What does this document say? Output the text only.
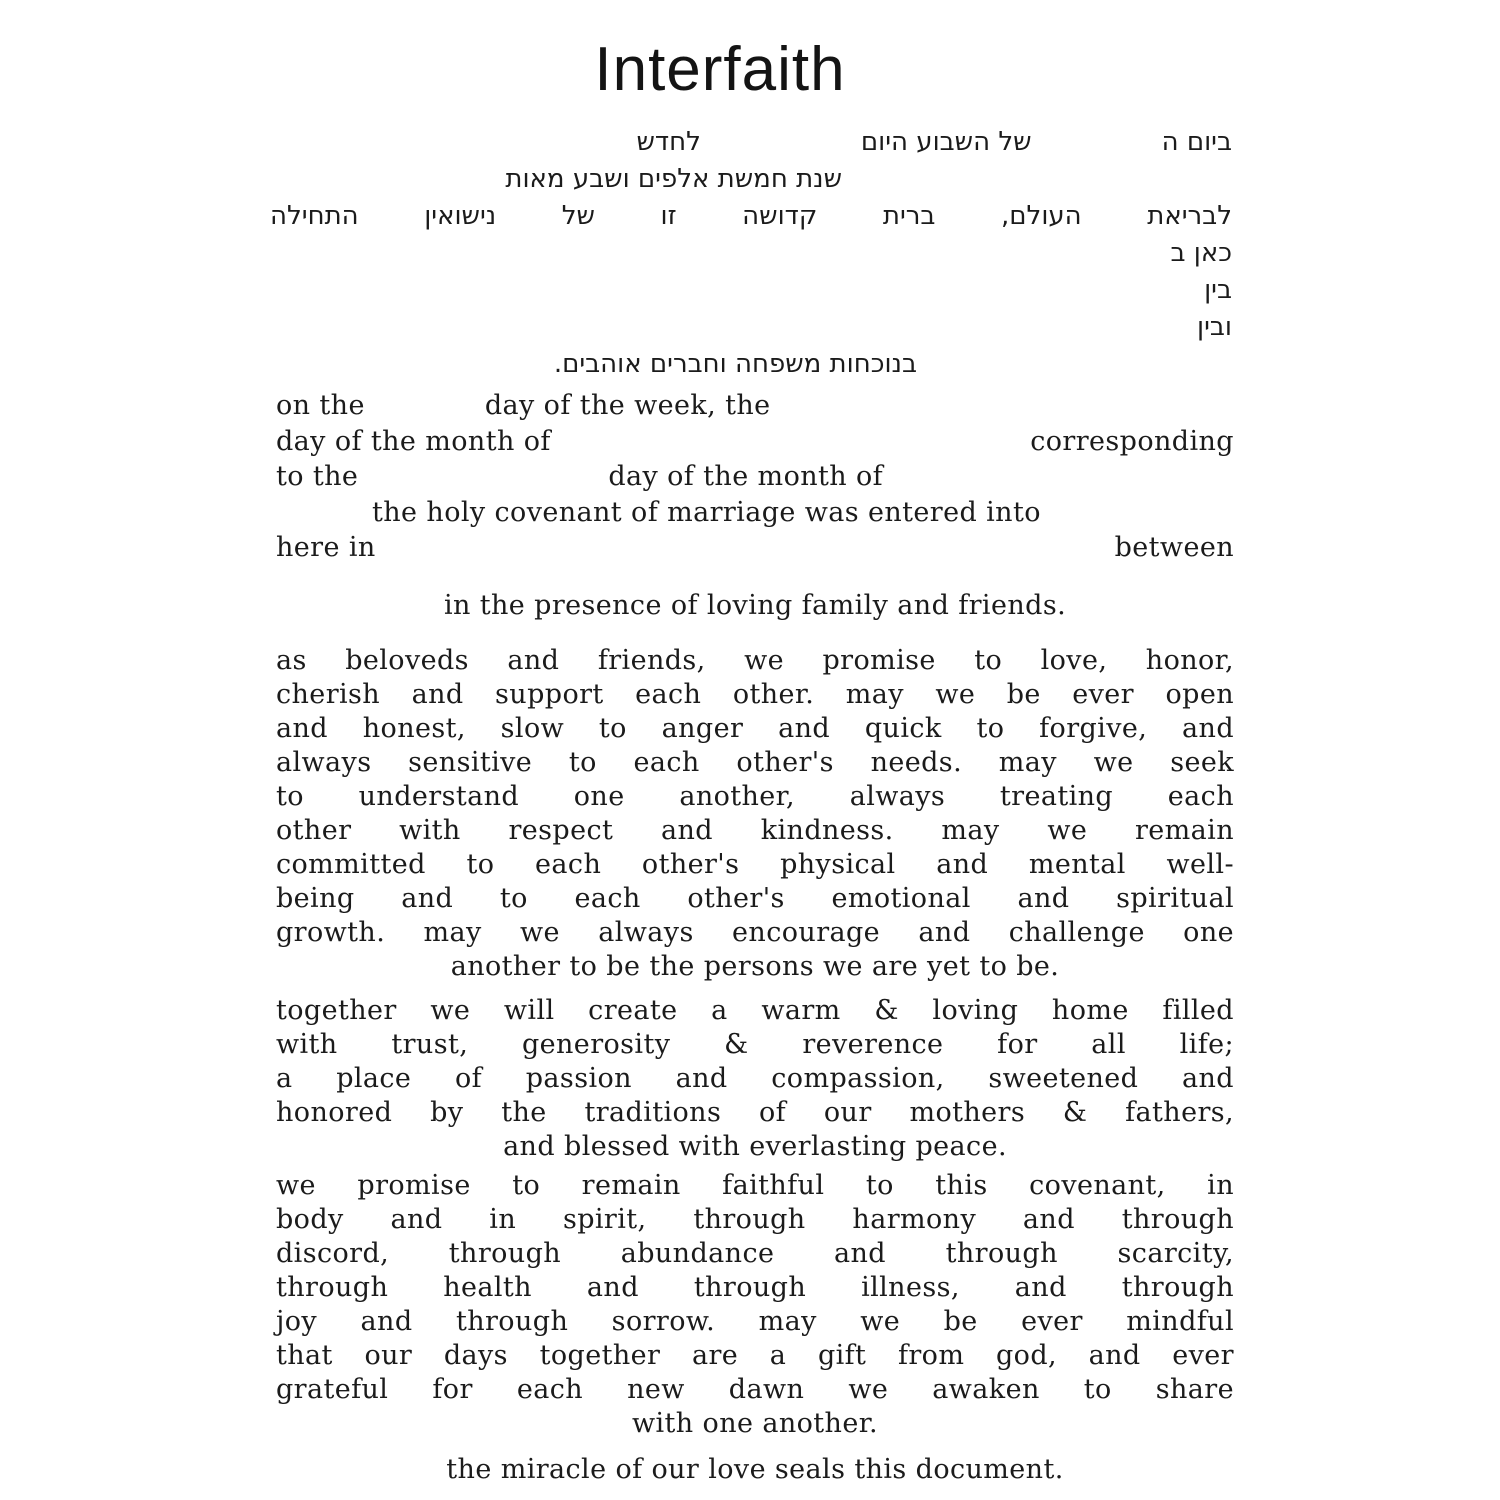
Interfaith
ביום השל השבוע היוםלחדש
שנת חמשת אלפים ושבע מאות
לבריאת העולם, ברית קדושה זו של נישואין התחילה
כאן ב
בין
ובין
בנוכחות משפחה וחברים אוהבים.
on the	day of the week, the
day of the month of	corresponding
to the	day of the month of
the holy covenant of marriage was entered into
here in	between
in the presence of loving family and friends.
as beloveds and friends, we promise to love, honor,
cherish and support each other. may we be ever open
and honest, slow to anger and quick to forgive, and
always sensitive to each other's needs. may we seek
to understand one another, always treating each
other with respect and kindness. may we remain
committed to each other's physical and mental well-
being and to each other's emotional and spiritual
growth. may we always encourage and challenge one
another to be the persons we are yet to be.
together we will create a warm & loving home filled
with trust, generosity & reverence for all life;
a place of passion and compassion, sweetened and
honored by the traditions of our mothers & fathers,
and blessed with everlasting peace.
we promise to remain faithful to this covenant, in
body and in spirit, through harmony and through
discord, through abundance and through scarcity,
through health and through illness, and through
joy and through sorrow. may we be ever mindful
that our days together are a gift from god, and ever
grateful for each new dawn we awaken to share
with one another.
the miracle of our love seals this document.
